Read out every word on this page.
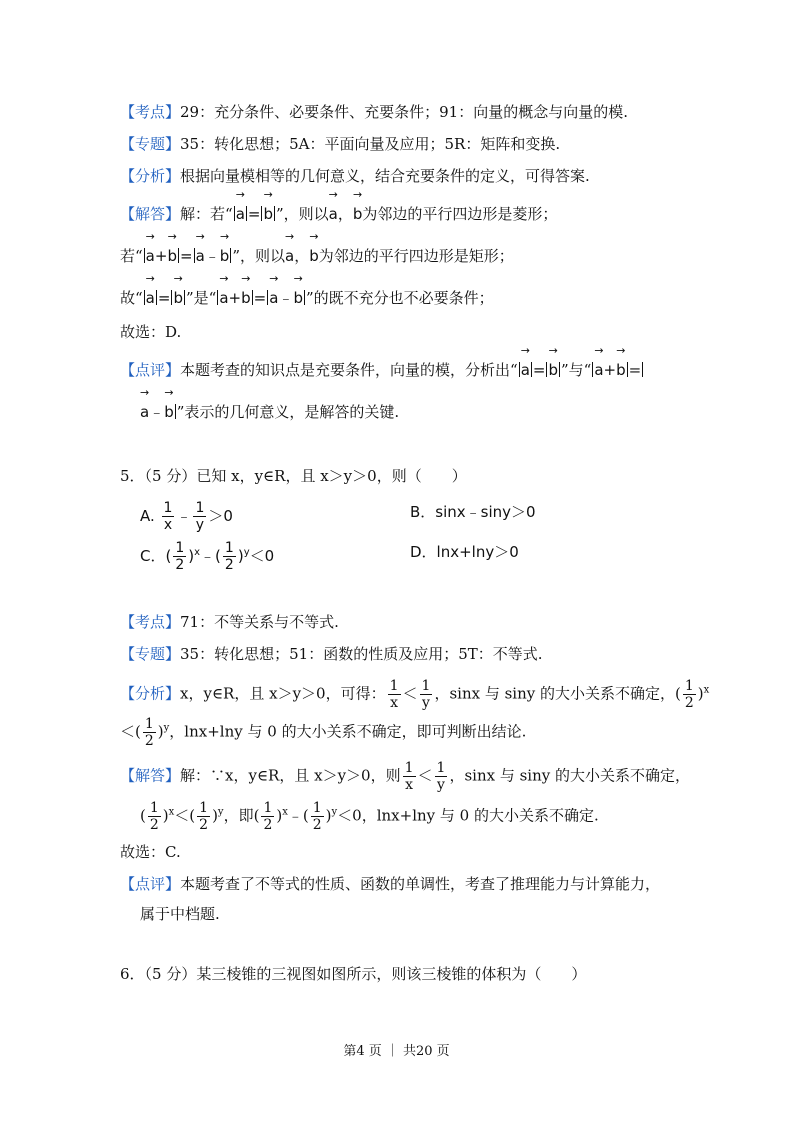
【考点】29：充分条件、必要条件、充要条件；91：向量的概念与向量的模.
【专题】35：转化思想；5A：平面向量及应用；5R：矩阵和变换.
【分析】根据向量模相等的几何意义，结合充要条件的定义，可得答案.
【解答】解：若“ → a = → b ”，则以→ a，→ b为邻边的平行四边形是菱形；
若“ → a+→ b = → a﹣→ b ”，则以→ a，→ b为邻边的平行四边形是矩形；
故“ → a = → b ”是“ → a+→ b = → a﹣→ b ”的既不充分也不必要条件；
故选：D.
【点评】本题考查的知识点是充要条件，向量的模，分析出“ → a = → b ”与“ → a+→ b =
→ a﹣→ b ”表示的几何意义，是解答的关键.
5．（5 分）已知 x，y∈R，且 x＞y＞0，则（　　）
A. $\frac{1}{x}$ ﹣ $\frac{1}{y} >0$	B．sinx﹣siny＞0
C．( $\frac{1}{2}$ )$^x$﹣( $\frac{1}{2} )^y<0$	D．lnx+lny＞0
【考点】71：不等关系与不等式.
【专题】35：转化思想；51：函数的性质及应用；5T：不等式.
【分析】x，y∈R，且 x＞y＞0，可得： $\frac{1}{x} < \frac{1}{y}$ ，sinx 与 siny 的大小关系不确定，( $\frac{1}{2} )^x$
＜( $\frac{1}{2} )^y$，lnx+lny 与 0 的大小关系不确定，即可判断出结论.
【解答】解：∵x，y∈R，且 x＞y＞0，则 $\frac{1}{x} < \frac{1}{y}$ ，sinx 与 siny 的大小关系不确定，
( $\frac{1}{2} )^x<( \frac{1}{2} )^y$，即( $\frac{1}{2}$ )$^x$﹣( $\frac{1}{2} )^y<0$，lnx+lny 与 0 的大小关系不确定.
故选：C.
【点评】本题考查了不等式的性质、函数的单调性，考查了推理能力与计算能力，
属于中档题.
6．（5 分）某三棱锥的三视图如图所示，则该三棱锥的体积为（　　）
第4 页 ｜ 共20 页
